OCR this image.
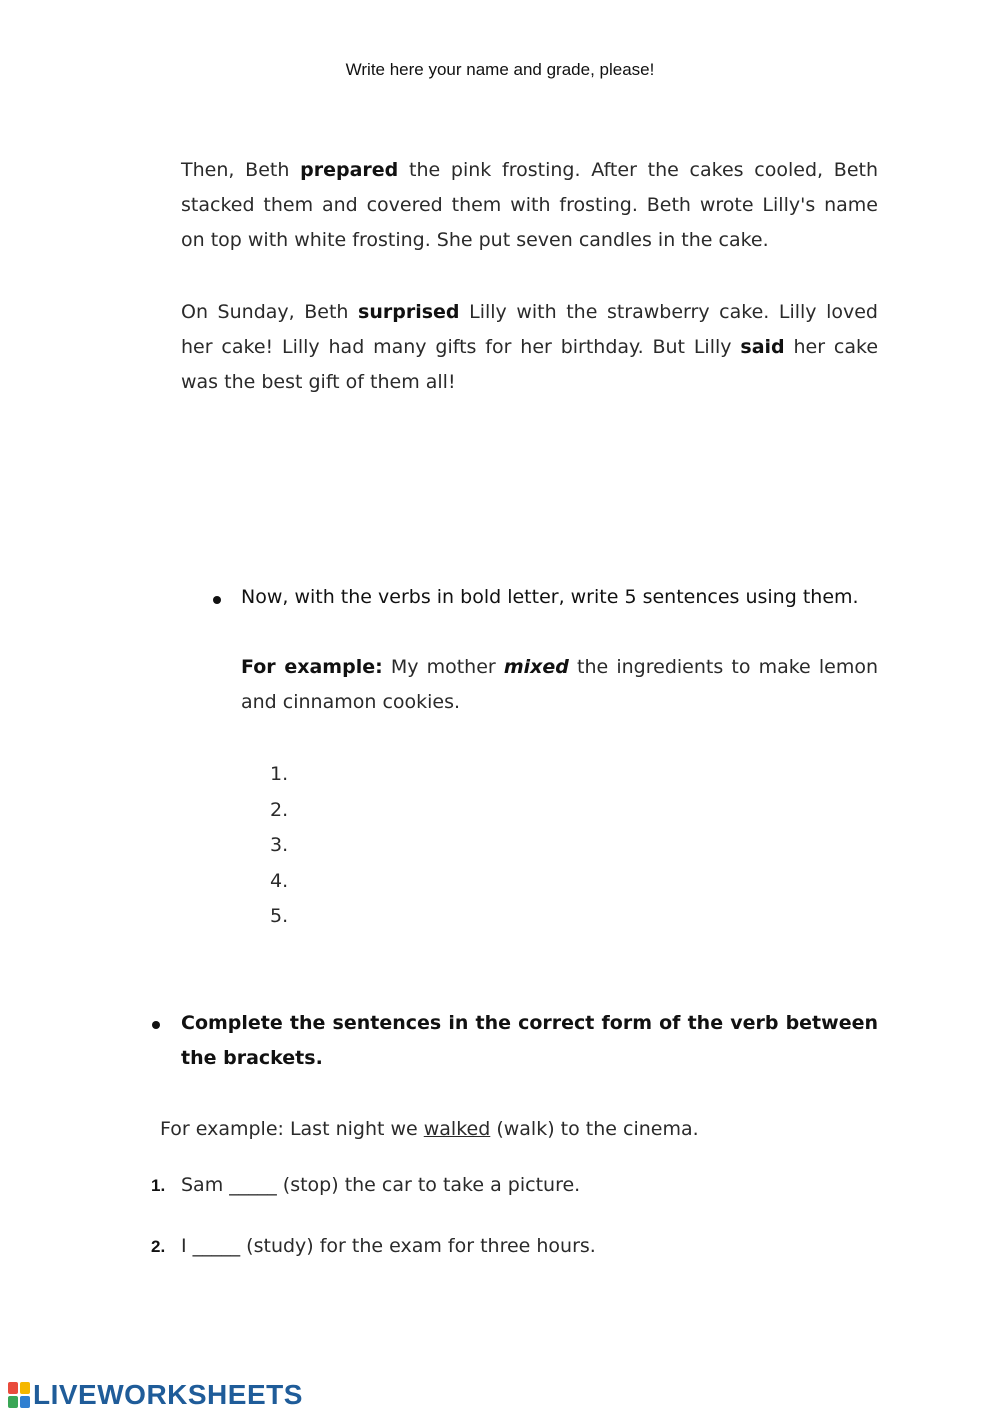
Write here your name and grade, please!
Then, Beth prepared the pink frosting. After the cakes cooled, Beth stacked them and covered them with frosting. Beth wrote Lilly's name on top with white frosting. She put seven candles in the cake.
On Sunday, Beth surprised Lilly with the strawberry cake. Lilly loved her cake! Lilly had many gifts for her birthday. But Lilly said her cake was the best gift of them all!
Now, with the verbs in bold letter, write 5 sentences using them.
For example: My mother mixed the ingredients to make lemon and cinnamon cookies.
1.
2.
3.
4.
5.
Complete the sentences in the correct form of the verb between the brackets.
For example: Last night we walked (walk) to the cinema.
1. Sam _____ (stop) the car to take a picture.
2. I _____ (study) for the exam for three hours.
LIVEWORKSHEETS
